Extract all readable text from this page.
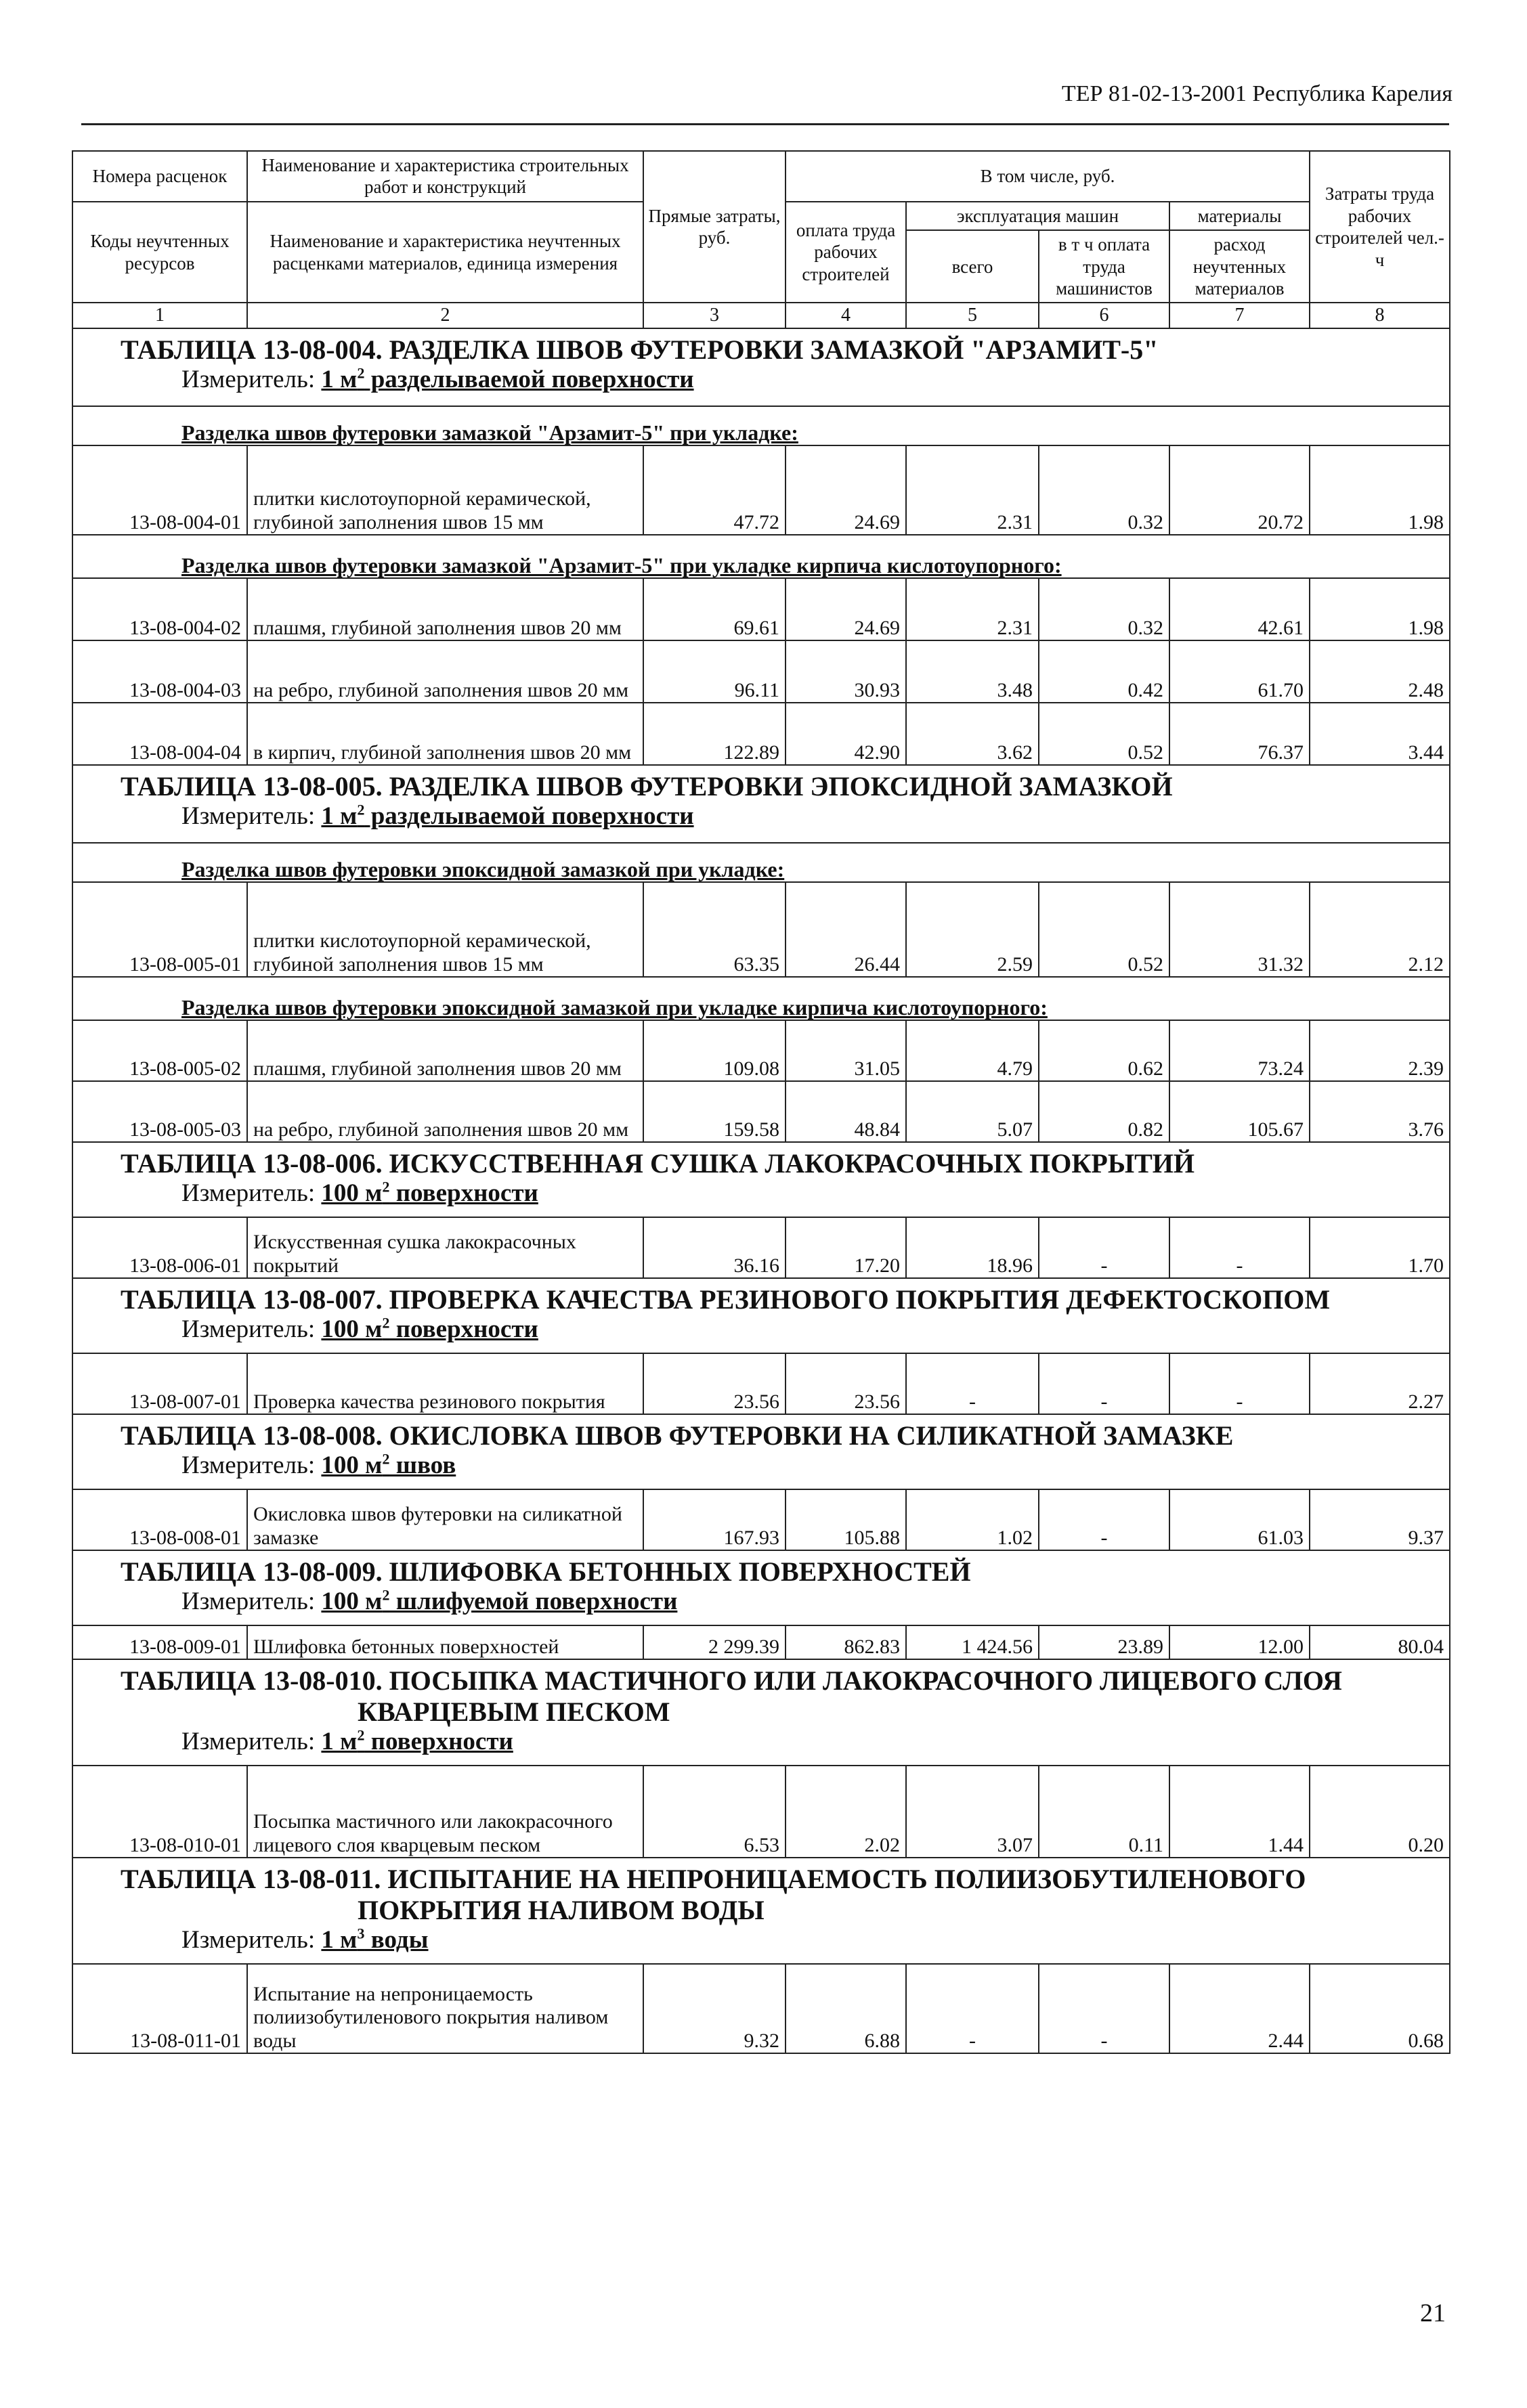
ТЕР 81-02-13-2001 Республика Карелия
Номера расценок	Наименование и характеристика строительных работ и конструкций	Прямые затраты, руб.	В том числе, руб.				Затраты труда рабочих строителей чел.-ч
Коды неучтенных ресурсов	Наименование и характеристика неучтенных расценками материалов, единица измерения		оплата труда рабочих строителей	эксплуатация машин		материалы	
				всего	в т ч оплата труда машинистов	расход неучтенных материалов	
1	2	3	4	5	6	7	8
ТАБЛИЦА 13-08-004. РАЗДЕЛКА ШВОВ ФУТЕРОВКИ ЗАМАЗКОЙ "АРЗАМИТ-5"							
Измеритель: 1 $м^2$ разделываемой поверхности							
Разделка швов футеровки замазкой "Арзамит-5" при укладке:							
13-08-004-01	плитки кислотоупорной керамической, глубиной заполнения швов 15 мм	47.72	24.69	2.31	0.32	20.72	1.98
Разделка швов футеровки замазкой "Арзамит-5" при укладке кирпича кислотоупорного:							
13-08-004-02	плашмя, глубиной заполнения швов 20 мм	69.61	24.69	2.31	0.32	42.61	1.98
13-08-004-03	на ребро, глубиной заполнения швов 20 мм	96.11	30.93	3.48	0.42	61.70	2.48
13-08-004-04	в кирпич, глубиной заполнения швов 20 мм	122.89	42.90	3.62	0.52	76.37	3.44
ТАБЛИЦА 13-08-005. РАЗДЕЛКА ШВОВ ФУТЕРОВКИ ЭПОКСИДНОЙ ЗАМАЗКОЙ							
Измеритель: 1 $м^2$ разделываемой поверхности							
Разделка швов футеровки эпоксидной замазкой при укладке:							
13-08-005-01	плитки кислотоупорной керамической, глубиной заполнения швов 15 мм	63.35	26.44	2.59	0.52	31.32	2.12
Разделка швов футеровки эпоксидной замазкой при укладке кирпича кислотоупорного:							
13-08-005-02	плашмя, глубиной заполнения швов 20 мм	109.08	31.05	4.79	0.62	73.24	2.39
13-08-005-03	на ребро, глубиной заполнения швов 20 мм	159.58	48.84	5.07	0.82	105.67	3.76
ТАБЛИЦА 13-08-006. ИСКУССТВЕННАЯ СУШКА ЛАКОКРАСОЧНЫХ ПОКРЫТИЙ							
Измеритель: 100 $м^2$ поверхности							
13-08-006-01	Искусственная сушка лакокрасочных покрытий	36.16	17.20	18.96	-	-	1.70
ТАБЛИЦА 13-08-007. ПРОВЕРКА КАЧЕСТВА РЕЗИНОВОГО ПОКРЫТИЯ ДЕФЕКТОСКОПОМ							
Измеритель: 100 $м^2$ поверхности							
13-08-007-01	Проверка качества резинового покрытия	23.56	23.56	-	-	-	2.27
ТАБЛИЦА 13-08-008. ОКИСЛОВКА ШВОВ ФУТЕРОВКИ НА СИЛИКАТНОЙ ЗАМАЗКЕ							
Измеритель: 100 $м^2$ швов							
13-08-008-01	Окисловка швов футеровки на силикатной замазке	167.93	105.88	1.02	-	61.03	9.37
ТАБЛИЦА 13-08-009. ШЛИФОВКА БЕТОННЫХ ПОВЕРХНОСТЕЙ							
Измеритель: 100 $м^2$ шлифуемой поверхности							
13-08-009-01	Шлифовка бетонных поверхностей	2 299.39	862.83	1 424.56	23.89	12.00	80.04
ТАБЛИЦА 13-08-010. ПОСЫПКА МАСТИЧНОГО ИЛИ ЛАКОКРАСОЧНОГО ЛИЦЕВОГО СЛОЯ
КВАРЦЕВЫМ ПЕСКОМ							

Измеритель: 1 $м^2$ поверхности							
13-08-010-01	Посыпка мастичного или лакокрасочного лицевого слоя кварцевым песком	6.53	2.02	3.07	0.11	1.44	0.20
ТАБЛИЦА 13-08-011. ИСПЫТАНИЕ НА НЕПРОНИЦАЕМОСТЬ ПОЛИИЗОБУТИЛЕНОВОГО
ПОКРЫТИЯ НАЛИВОМ ВОДЫ							

Измеритель: 1 $м^3$ воды							
13-08-011-01	Испытание на непроницаемость полиизобутиленового покрытия наливом воды	9.32	6.88	-	-	2.44	0.68
21
